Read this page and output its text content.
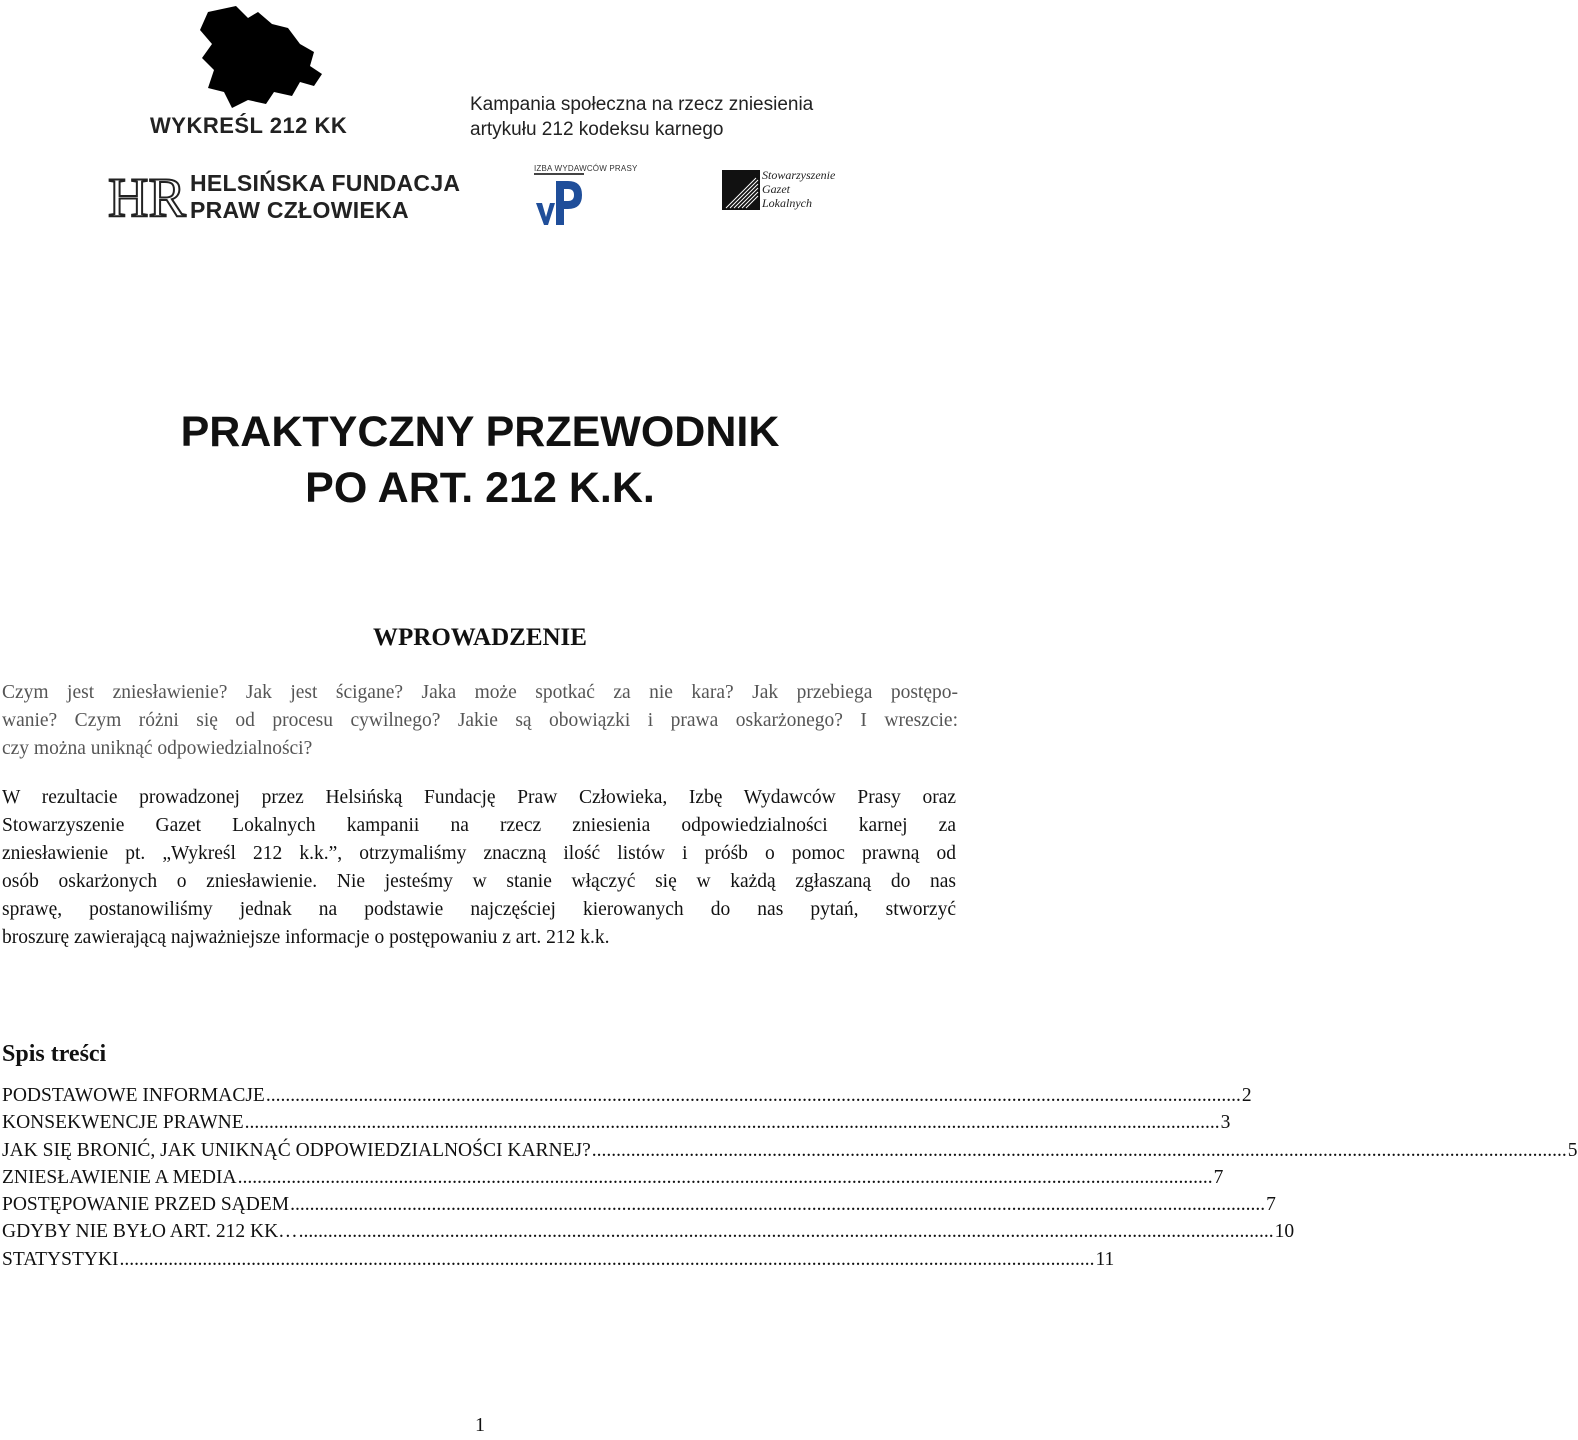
WYKREŚL 212 KK
Kampania społeczna na rzecz zniesienia
artykułu 212 kodeksu karnego
HR HELSIŃSKA FUNDACJA
PRAW CZŁOWIEKA
IZBA WYDAWCÓW PRASY	Stowarzyszenie
Gazet
Lokalnych
PRAKTYCZNY PRZEWODNIK
PO ART. 212 K.K.
WPROWADZENIE
Czym jest zniesławienie? Jak jest ścigane? Jaka może spotkać za nie kara? Jak przebiega postępo-
wanie? Czym różni się od procesu cywilnego? Jakie są obowiązki i prawa oskarżonego? I wreszcie:
czy można uniknąć odpowiedzialności?
W rezultacie prowadzonej przez Helsińską Fundację Praw Człowieka, Izbę Wydawców Prasy oraz
Stowarzyszenie Gazet Lokalnych kampanii na rzecz zniesienia odpowiedzialności karnej za
zniesławienie pt. „Wykreśl 212 k.k.”, otrzymaliśmy znaczną ilość listów i próśb o pomoc prawną od
osób oskarżonych o zniesławienie. Nie jesteśmy w stanie włączyć się w każdą zgłaszaną do nas
sprawę, postanowiliśmy jednak na podstawie najczęściej kierowanych do nas pytań, stworzyć
broszurę zawierającą najważniejsze informacje o postępowaniu z art. 212 k.k.
Spis treści
PODSTAWOWE INFORMACJE ........................................................................................................................................................................................................ 2
KONSEKWENCJE PRAWNE ........................................................................................................................................................................................................ 3
JAK SIĘ BRONIĆ, JAK UNIKNĄĆ ODPOWIEDZIALNOŚCI KARNEJ? ........................................................................................................................................................................................................ 5
ZNIESŁAWIENIE A MEDIA ........................................................................................................................................................................................................ 7
POSTĘPOWANIE PRZED SĄDEM ........................................................................................................................................................................................................ 7
GDYBY NIE BYŁO ART. 212 KK… ........................................................................................................................................................................................................ 10
STATYSTYKI ........................................................................................................................................................................................................ 11
1
